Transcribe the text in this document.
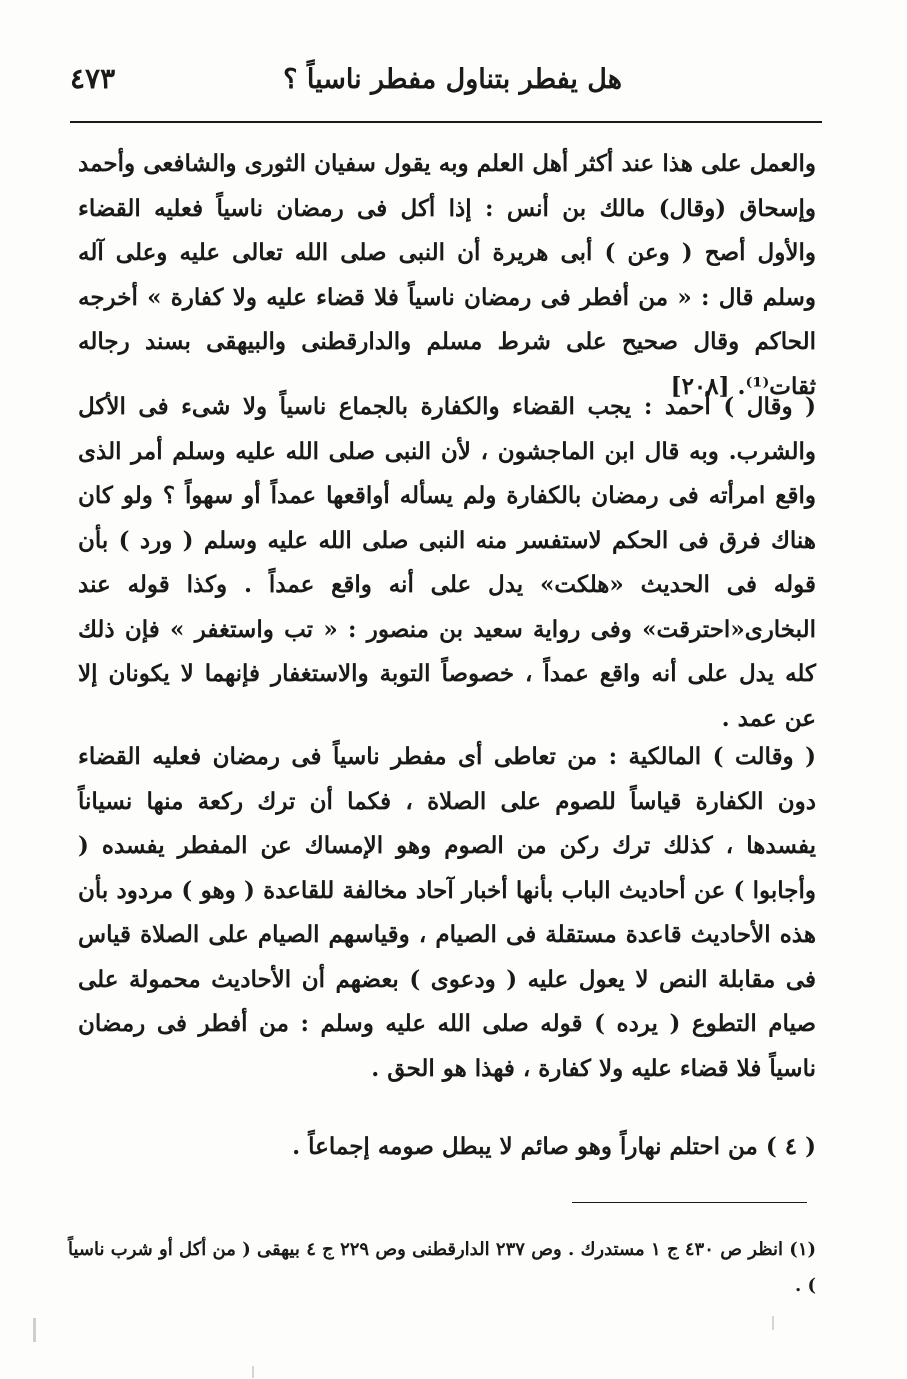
هل يفطر بتناول مفطر ناسياً ؟
٤٧٣

والعمل على هذا عند أكثر أهل العلم وبه يقول سفيان الثورى والشافعى وأحمد وإسحاق (وقال) مالك بن أنس : إذا أكل فى رمضان ناسياً فعليه القضاء والأول أصح ( وعن ) أبى هريرة أن النبى صلى الله تعالى عليه وعلى آله وسلم قال : « من أفطر فى رمضان ناسياً فلا قضاء عليه ولا كفارة » أخرجه الحاكم وقال صحيح على شرط مسلم والدارقطنى والبيهقى بسند رجاله ثقات⁽¹⁾. [٢٠٨]

( وقال ) أحمد : يجب القضاء والكفارة بالجماع ناسياً ولا شىء فى الأكل والشرب. وبه قال ابن الماجشون ، لأن النبى صلى الله عليه وسلم أمر الذى واقع امرأته فى رمضان بالكفارة ولم يسأله أواقعها عمداً أو سهواً ؟ ولو كان هناك فرق فى الحكم لاستفسر منه النبى صلى الله عليه وسلم ( ورد ) بأن قوله فى الحديث «هلكت» يدل على أنه واقع عمداً . وكذا قوله عند البخارى«احترقت» وفى رواية سعيد بن منصور : « تب واستغفر » فإن ذلك كله يدل على أنه واقع عمداً ، خصوصاً التوبة والاستغفار فإنهما لا يكونان إلا عن عمد .

( وقالت ) المالكية : من تعاطى أى مفطر ناسياً فى رمضان فعليه القضاء دون الكفارة قياساً للصوم على الصلاة ، فكما أن ترك ركعة منها نسياناً يفسدها ، كذلك ترك ركن من الصوم وهو الإمساك عن المفطر يفسده ( وأجابوا ) عن أحاديث الباب بأنها أخبار آحاد مخالفة للقاعدة ( وهو ) مردود بأن هذه الأحاديث قاعدة مستقلة فى الصيام ، وقياسهم الصيام على الصلاة قياس فى مقابلة النص لا يعول عليه ( ودعوى ) بعضهم أن الأحاديث محمولة على صيام التطوع ( يرده ) قوله صلى الله عليه وسلم : من أفطر فى رمضان ناسياً فلا قضاء عليه ولا كفارة ، فهذا هو الحق .

( ٤ ) من احتلم نهاراً وهو صائم لا يبطل صومه إجماعاً .

(١) انظر ص ٤٣٠ ج ١ مستدرك . وص ٢٣٧ الدارقطنى وص ٢٢٩ ج ٤ بيهقى ( من أكل أو شرب ناسياً ) .
